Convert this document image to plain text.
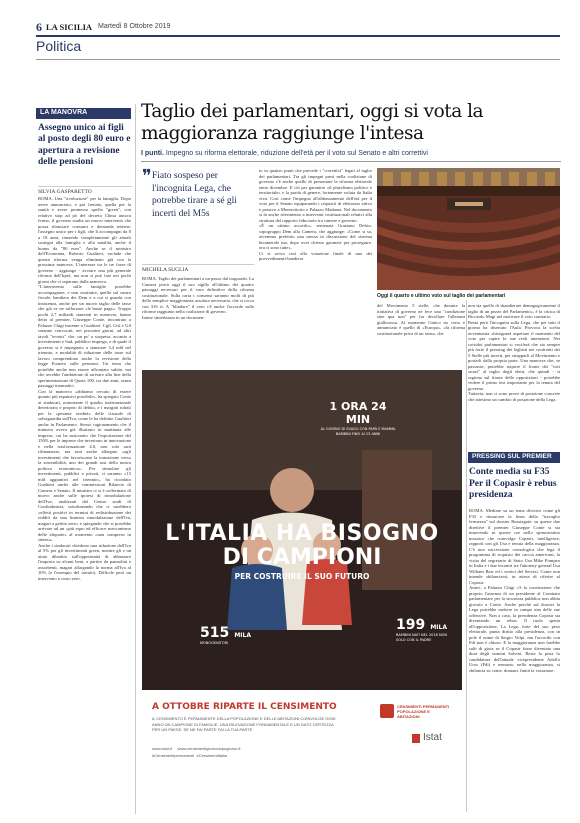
6 LA SICILIA Martedì 8 Ottobre 2019
Politica
LA MANOVRA
Assegno unico ai figli al posto degli 80 euro e apertura a revisione delle pensioni
SILVIA GASPARETTO
ROMA. Una "rivoluzione" per la famiglia. Dopo avere annunciato, e poi frenato, quella per la sanità e avere promesso quella "green", con relativo stop ad pò del decreto Clima ancora fermo, il governo studia un nuovo intervento che possa rilanciare consumi e domanda interna: l'assegno unico per i figli, che li accompagni da 0 a 18 anni, riunendo completamente gli attuali sostegni alla famiglia e alla natalità, anche il bonus da "80 euro". Anche se il ministro dell'Economia, Roberto Gualtieri, esclude che questa riforma venga eliminato già con la prossima manovra. L'interesse tra le tre forze di governo - aggiunge - avviare una più generale riforma dell'Irpef, ma non si può fare nei pochi giorni che ci separano dalla manovra.
"L'interavento sulle famiglie potrebbe accompagnare, e non sostituire, quella sul cuneo fiscale, bandiera dei Dem e a cui si guarda con insistenza, anche per un nuovo taglio delle tasse che già ve ne rafforzare «le buste paga». Troppo pochi 2,7 miliardi stanziati in manovra, hanno detto al premier, Giuseppe Conte, incontrato a Palazzo Chigi insieme a Gualtieri. Cgil, Cisl e Uil saranno convocati, nei prossimi giorni, ad altri tavoli "tecnici" che, un po' a sorpresa, accanto a investimenti e Sud, pubblico impiego, e di quale il governo si è impegnato a stanziare 3,4 mld nel triennio, e modalità di riduzione delle tasse sul lavoro comprendono anche la revisione della legge Fornero sulle pensioni. Un tema che potrebbe anche non essere affrontato subito, ma che avrebbe l'ambizione di arrivare alla fine della sperimentazione di Quota 100, tra due anni, senza passaggi traumatici.
Con la manovra «abbiamo cercato di essere quanto più espansivi possibile», ha spiegato Conte ai sindacati, nonostante il quadro internazionale deteriorato e proprio di debito, e i margini ridotti per la «pesante eredità» delle clausole di salvaguardia sull'Iva, come le ha definite Gualtieri anche in Parlamento. Stesso ragionamento che il ministro aveva già illustrato in mattinata alle imprese, cui ha assicurato che l'esportazione del 150% per le imprese che investono in innovazione e nella trasformazione 4.0, non solo sarà rifinanziato, ma sarà anche allargato «agli investimenti che favoriscano la transizione verso la sostenibilità, uno dei grandi assi della nostra politica economica». Per stimolare gli investimenti, pubblici e privati, ci saranno «15 mld aggiuntivi nel triennio», ha ricordato Gualtieri anche alle commissioni Bilancio di Camera e Senato. Il ministro ci si è soffermato di nuovo anche sulle ipotesi di rimodulazione dell'Iva, analizzati dal Centro studi di Confindustria, sottolineando che ci sarebbero «effetti positivi in termini di redistribuzione dei redditi da una limitata rimodulazione dell'Iva, magari a gettito zero» e spiegando che si potrebbe arrivare ad un «più equo ed efficace meccanismo delle aliquote» al momento «non compreso in sintesi».
Anche i sindacati chiedono una riduzione dell'Iva al 5% per gli investimenti green, mentre gli e un aiuto dibattito sull'opportunità di abbassare l'imposta su alcuni beni, a partire da pannolini e assorbenti, magari allargando la norma all'Iva al 10% (e l'esempio del tartufo). Difficile però un intervento a costo zero.
Taglio dei parlamentari, oggi si vota la maggioranza raggiunge l'intesa
I punti. Impegno su riforma elettorale, riduzione dell'età per il voto sul Senato e altri correttivi
❞ Fiato sospeso per l'incognita Lega, che potrebbe tirare a sé gli incerti del M5s
MICHELA SUGLIA
ROMA. Taglio dei parlamentari a un passo dal traguardo. La Camera porrà oggi il suo sigillo all'ultimo dei quattro passaggi necessari per il varo definitivo della riforma costituzionale. Sulla carta i consensi saranno molti di più della semplice maggioranza assoluta necessaria, che si tocca con 316 sì. A "blindare" il voto c'è anche l'accordo sulle riforme raggiunto nella coalizione di governo.
Intese sintetizzata in un documen-
to in quattro punti che prevede i "correttivi" legati al taglio dei parlamentari. Tra gli impegni presi nella coalizione di governo c'è anche quello di presentare la riforma elettorale entro dicembre. E ciò per garantire «il pluralismo politico e territoriale» e la parità di genere, fortemente voluta da Italia viva. Così come l'impegno all'abbassamento dell'età per il voto per il Senato equiparando i requisiti di elettorato attivo e passivo a Montecitorio e Palazzo Madama. Nel documento si fa anche riferimento a interventi costituzionali relativi alla struttura del rapporto fiduciario tra camere e governo.
«È un ottimo accordo», sentenzia Graziano Delrio, capogruppo Dem alla Camera, che aggiunge: «Come si sa, avremmo preferito una messa in discussione del sistema bicamerale ma, dopo over chiesto garanzie per proseguire, ora ci sono tutte».
Ci si avvia così alla votazione finale di uno dei provvedimenti-bandiera
Oggi il quarto e ultimo voto sul taglio dei parlamentari
del Movimento 5 stelle, che durante la trattativa di governo ne fece una "condizione sine qua non" per far decollare l'alleanza giallorossa. Al momento l'unico no certo e annunciato è quello di «Europa», «fa riforma costituzionale priva di un senso, che
non sia quello di sbandierare demagogicamente il taglio di un pezzo del Parlamento», è la critica di Riccardo Magi nel motivare il voto contrario.
Resta però l'incognita sulla Lega, che per tutti il giorno ha disertato l'Aula. Provoca la scelta avventurata «bisognerà aspettare il momento del voto per capire le sue reali intenzioni. Nei corridoi parlamentari si vociferà che sia sempre più forte il pressing dei leghisti nei confronti dei 5 Stelle più incerti, per strapparli al Movimento e portarli dalla propria parte. Una manovra che, se passasse, potrebbe riaprire il fronte dei "voti sicuri" al taglio degli eletti, che quindi - si ragiona sul fronte delle opposizioni - potrebbe vedere il primo test importante per la tenuta del governo.
Tuttavia, non ci sono prove di posizione concrete che attestino un cambio di posizione della Lega.
1 ORA 24 MIN
AL GIORNO DI SVAGO CON PAPÀ E MAMMA BAMBINI FINO AI 13 ANNI
L'ITALIA HA BISOGNO
DI CAMPIONI
PER COSTRUIRE IL SUO FUTURO
515 MILA
MONOGENITORI
199 MILA
BAMBINI NATI NEL 2018 NON SOLO CON IL PADRE
A OTTOBRE RIPARTE IL CENSIMENTO
IL CENSIMENTO È PERMANENTE DELLA POPOLAZIONE E DELLE ABITAZIONI COINVOLGE OGNI ANNO UN CAMPIONE DI FAMIGLIE. UNA RILEVAZIONE FONDAMENTALE E UN DATO CERTEZZA PER UN PAESE. SE NE FAI PARTE FAI LA TUA PARTE
www.istat.it     www.censimentigiornodopogiorno.it
#Censimentipermanenti  #Censimentiitalia
CENSIMENTI PERMANENTI POPOLAZIONE E ABITAZIONI
Istat
PRESSING SUL PREMIER
Conte media su F35 Per il Copasir è rebus presidenza
ROMA. Mediare su un tema divisivo come gli F35 e rimarcare la linea della "travaglio fermezza" sul dossier Russiagate: su queste due direttive il premier Giuseppe Conte si sta muovendo in queste ore nello spinosissimo mosaico che coinvolge Copasir, intelligence, rapporti con gli Usa e tenuta della maggioranza. C'è una successione cronologica che lega il programma di acquisto dei caccia americani, la visita del segretario di Stato Usa Mike Pompeo in Italia e i due incontri tra l'attorney general Usa William Barr ed i vertici del Servizi. Conte non intende sbilanciarsi, in attesa di riferire al Copasir.
Amici, a Palazzo Chigi c'è la convinzione che proprio l'assenza di un presidente al Comitato parlamentare per la sicurezza pubblica non abbia giovato a Conte. Anche perché sul dossier la Lega potrebbe mettere in campo una delle sue offensive. Non a caso, la presidenza Copasir sta diventando un rebus. Il ruolo spetta all'opposizione. La Lega, forte del suo peso elettorale, punta diritto alla presidenza, con in pole il nome di Sergio Volpi, ma l'accordo con Fdi non è chiuso. E la maggioranza non farebbe salti di gioia se il Copasir fosse diventato una dura degli uomini Salvini. Resta la pista lo candidatura dell'attuale vicepresidente Adolfo Urso (Fdi) e nessuno, nella maggioranza, si sbilancia su come, domani, finirà la votazione.
